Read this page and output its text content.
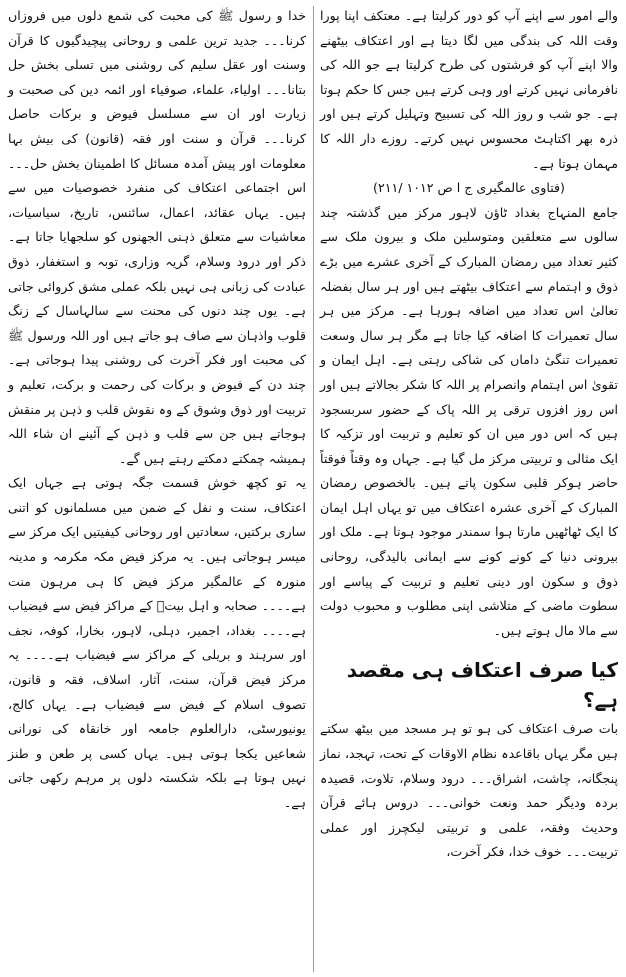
والے امور سے اپنے آپ کو دور کرلیتا ہے۔ معتکف اپنا پورا وقت اللہ کی بندگی میں لگا دیتا ہے اور اعتکاف بیٹھنے والا اپنے آپ کو فرشتوں کی طرح کرلیتا ہے جو اللہ کی نافرمانی نہیں کرتے اور وہی کرتے ہیں جس کا حکم ہوتا ہے۔ جو شب و روز اللہ کی تسبیح وتہلیل کرتے ہیں اور ذرہ بھر اکتاہٹ محسوس نہیں کرتے۔ روزے دار اللہ کا مہمان ہوتا ہے۔

(فتاوی عالمگیری ج ا ص ۱۰۱۲ /۲۱۱)

جامع المنہاج بغداد ٹاؤن لاہور مرکز میں گذشتہ چند سالوں سے متعلقین ومتوسلین ملک و بیرون ملک سے کثیر تعداد میں رمضان المبارک کے آخری عشرے میں بڑے ذوق و اہتمام سے اعتکاف بیٹھتے ہیں اور ہر سال بفضلہ تعالیٰ اس تعداد میں اضافہ ہورہا ہے۔ مرکز میں ہر سال تعمیرات کا اضافہ کیا جاتا ہے مگر ہر سال وسعت تعمیرات تنگیٔ داماں کی شاکی رہتی ہے۔ اہل ایمان و تقویٰ اس اہتمام وانصرام پر اللہ کا شکر بجالاتے ہیں اور اس روز افزوں ترقی پر اللہ پاک کے حضور سربسجود ہیں کہ اس دور میں ان کو تعلیم و تربیت اور تزکیہ کا ایک مثالی و تربیتی مرکز مل گیا ہے۔ جہاں وہ وقتاً فوقتاً حاضر ہوکر قلبی سکون پاتے ہیں۔ بالخصوص رمضان المبارک کے آخری عشرہ اعتکاف میں تو یہاں اہل ایمان کا ایک ٹھاٹھیں مارتا ہوا سمندر موجود ہوتا ہے۔ ملک اور بیرونی دنیا کے کونے کونے سے ایمانی بالیدگی، روحانی ذوق و سکون اور دینی تعلیم و تربیت کے پیاسے اور سطوت ماضی کے متلاشی اپنی مطلوب و محبوب دولت سے مالا مال ہوتے ہیں۔

کیا صرف اعتکاف ہی مقصد ہے؟

بات صرف اعتکاف کی ہو تو ہر مسجد میں بیٹھ سکتے ہیں مگر یہاں باقاعدہ نظام الاوقات کے تحت، تہجد، نماز پنجگانہ، چاشت، اشراق۔۔۔ درود وسلام، تلاوت، قصیدہ بردہ ودیگر حمد ونعت خوانی۔۔۔ دروس ہائے قرآن وحدیث وفقہ، علمی و تربیتی لیکچرز اور عملی تربیت۔۔۔ خوف خدا، فکر آخرت،

خدا و رسول ﷺ کی محبت کی شمع دلوں میں فروزاں کرنا۔۔۔ جدید ترین علمی و روحانی پیچیدگیوں کا قرآن وسنت اور عقل سلیم کی روشنی میں تسلی بخش حل بتانا۔۔۔ اولیاء، علماء، صوفیاء اور ائمہ دین کی صحبت و زیارت اور ان سے مسلسل فیوض و برکات حاصل کرنا۔۔۔ قرآن و سنت اور فقہ (قانون) کی بیش بہا معلومات اور پیش آمدہ مسائل کا اطمینان بخش حل۔۔۔ اس اجتماعی اعتکاف کی منفرد خصوصیات میں سے ہیں۔ یہاں عقائد، اعمال، سائنس، تاریخ، سیاسیات، معاشیات سے متعلق ذہنی الجھنوں کو سلجھایا جاتا ہے۔ ذکر اور درود وسلام، گریہ وزاری، توبہ و استغفار، ذوق عبادت کی زبانی ہی نہیں بلکہ عملی مشق کروائی جاتی ہے۔ یوں چند دنوں کی محنت سے سالہاسال کے زنگ قلوب واذہان سے صاف ہو جاتے ہیں اور اللہ ورسول ﷺ کی محبت اور فکر آخرت کی روشنی پیدا ہوجاتی ہے۔ چند دن کے فیوض و برکات کی رحمت و برکت، تعلیم و تربیت اور ذوق وشوق کے وہ نقوش قلب و ذہن پر منقش ہوجاتے ہیں جن سے قلب و ذہن کے آئینے ان شاء اللہ ہمیشہ چمکتے دمکتے رہتے ہیں گے۔

یہ تو کچھ خوش قسمت جگہ ہوتی ہے جہاں ایک اعتکاف، سنت و نفل کے ضمن میں مسلمانوں کو اتنی ساری برکتیں، سعادتیں اور روحانی کیفیتیں ایک مرکز سے میسر ہوجاتی ہیں۔ یہ مرکز فیض مکہ مکرمہ و مدینہ منورہ کے عالمگیر مرکز فیض کا ہی مرہون منت ہے۔۔۔۔ صحابہ و اہل بیتؓ کے مراکز فیض سے فیضیاب ہے۔۔۔۔ بغداد، اجمیر، دہلی، لاہور، بخارا، کوفہ، نجف اور سرہند و بریلی کے مراکز سے فیضیاب ہے۔۔۔۔ یہ مرکز فیض قرآن، سنت، آثار، اسلاف، فقہ و قانون، تصوف اسلام کے فیض سے فیضیاب ہے۔ یہاں کالج، یونیورسٹی، دارالعلوم جامعہ اور خانقاہ کی نورانی شعاعیں یکجا ہوتی ہیں۔ یہاں کسی پر طعن و طنز نہیں ہوتا ہے بلکہ شکستہ دلوں پر مرہم رکھی جاتی ہے۔
